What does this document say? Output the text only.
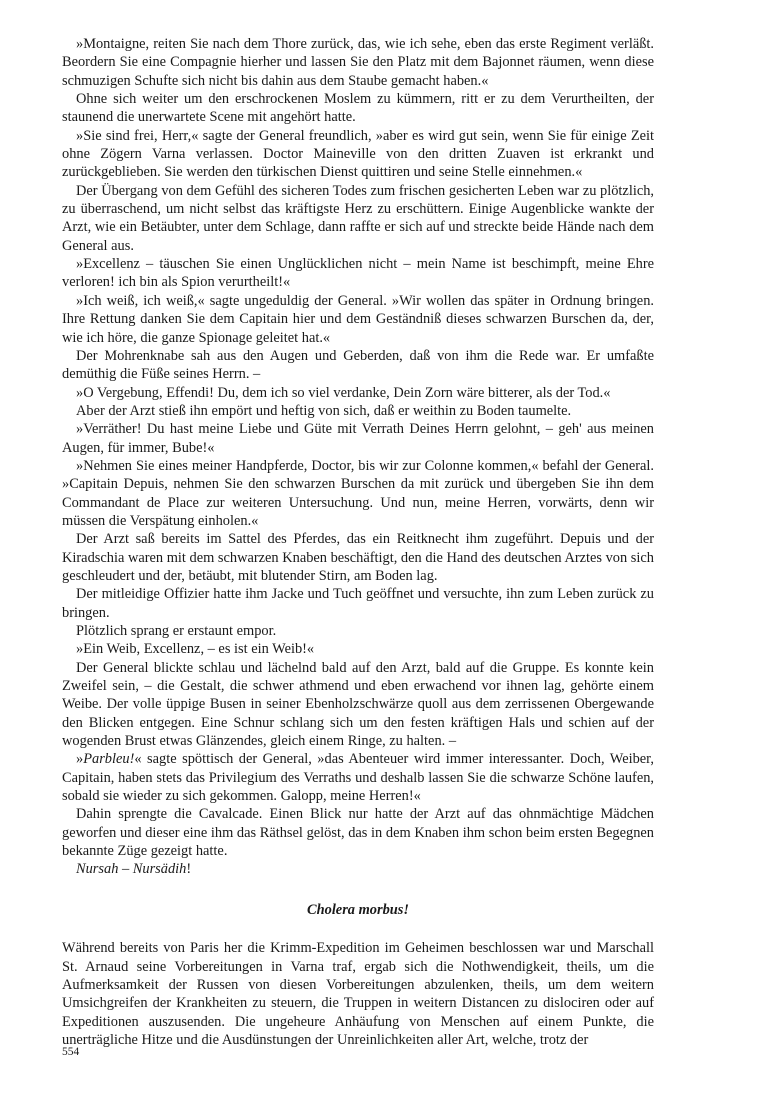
»Montaigne, reiten Sie nach dem Thore zurück, das, wie ich sehe, eben das erste Regiment verläßt. Beordern Sie eine Compagnie hierher und lassen Sie den Platz mit dem Bajonnet räumen, wenn diese schmuzigen Schufte sich nicht bis dahin aus dem Staube gemacht haben.«

Ohne sich weiter um den erschrockenen Moslem zu kümmern, ritt er zu dem Verurtheilten, der staunend die unerwartete Scene mit angehört hatte.

»Sie sind frei, Herr,« sagte der General freundlich, »aber es wird gut sein, wenn Sie für einige Zeit ohne Zögern Varna verlassen. Doctor Maineville von den dritten Zuaven ist erkrankt und zurückgeblieben. Sie werden den türkischen Dienst quittiren und seine Stelle einnehmen.«

Der Übergang von dem Gefühl des sicheren Todes zum frischen gesicherten Leben war zu plötzlich, zu überraschend, um nicht selbst das kräftigste Herz zu erschüttern. Einige Augenblicke wankte der Arzt, wie ein Betäubter, unter dem Schlage, dann raffte er sich auf und streckte beide Hände nach dem General aus.

»Excellenz – täuschen Sie einen Unglücklichen nicht – mein Name ist beschimpft, meine Ehre verloren! ich bin als Spion verurtheilt!«

»Ich weiß, ich weiß,« sagte ungeduldig der General. »Wir wollen das später in Ordnung bringen. Ihre Rettung danken Sie dem Capitain hier und dem Geständniß dieses schwarzen Burschen da, der, wie ich höre, die ganze Spionage geleitet hat.«

Der Mohrenknabe sah aus den Augen und Geberden, daß von ihm die Rede war. Er umfaßte demüthig die Füße seines Herrn. –

»O Vergebung, Effendi! Du, dem ich so viel verdanke, Dein Zorn wäre bitterer, als der Tod.«

Aber der Arzt stieß ihn empört und heftig von sich, daß er weithin zu Boden taumelte.

»Verräther! Du hast meine Liebe und Güte mit Verrath Deines Herrn gelohnt, – geh' aus meinen Augen, für immer, Bube!«

»Nehmen Sie eines meiner Handpferde, Doctor, bis wir zur Colonne kommen,« befahl der General. »Capitain Depuis, nehmen Sie den schwarzen Burschen da mit zurück und übergeben Sie ihn dem Commandant de Place zur weiteren Untersuchung. Und nun, meine Herren, vorwärts, denn wir müssen die Verspätung einholen.«

Der Arzt saß bereits im Sattel des Pferdes, das ein Reitknecht ihm zugeführt. Depuis und der Kiradschia waren mit dem schwarzen Knaben beschäftigt, den die Hand des deutschen Arztes von sich geschleudert und der, betäubt, mit blutender Stirn, am Boden lag.

Der mitleidige Offizier hatte ihm Jacke und Tuch geöffnet und versuchte, ihn zum Leben zurück zu bringen.

Plötzlich sprang er erstaunt empor.

»Ein Weib, Excellenz, – es ist ein Weib!«

Der General blickte schlau und lächelnd bald auf den Arzt, bald auf die Gruppe. Es konnte kein Zweifel sein, – die Gestalt, die schwer athmend und eben erwachend vor ihnen lag, gehörte einem Weibe. Der volle üppige Busen in seiner Ebenholzschwärze quoll aus dem zerrissenen Obergewande den Blicken entgegen. Eine Schnur schlang sich um den festen kräftigen Hals und schien auf der wogenden Brust etwas Glänzendes, gleich einem Ringe, zu halten. –

»Parbleu!« sagte spöttisch der General, »das Abenteuer wird immer interessanter. Doch, Weiber, Capitain, haben stets das Privilegium des Verraths und deshalb lassen Sie die schwarze Schöne laufen, sobald sie wieder zu sich gekommen. Galopp, meine Herren!«

Dahin sprengte die Cavalcade. Einen Blick nur hatte der Arzt auf das ohnmächtige Mädchen geworfen und dieser eine ihm das Räthsel gelöst, das in dem Knaben ihm schon beim ersten Begegnen bekannte Züge gezeigt hatte.

Nursah – Nursädih!

Cholera morbus!

Während bereits von Paris her die Krimm-Expedition im Geheimen beschlossen war und Marschall St. Arnaud seine Vorbereitungen in Varna traf, ergab sich die Nothwendigkeit, theils, um die Aufmerksamkeit der Russen von diesen Vorbereitungen abzulenken, theils, um dem weitern Umsichgreifen der Krankheiten zu steuern, die Truppen in weitern Distancen zu dislociren oder auf Expeditionen auszusenden. Die ungeheure Anhäufung von Menschen auf einem Punkte, die unerträgliche Hitze und die Ausdünstungen der Unreinlichkeiten aller Art, welche, trotz der

554
